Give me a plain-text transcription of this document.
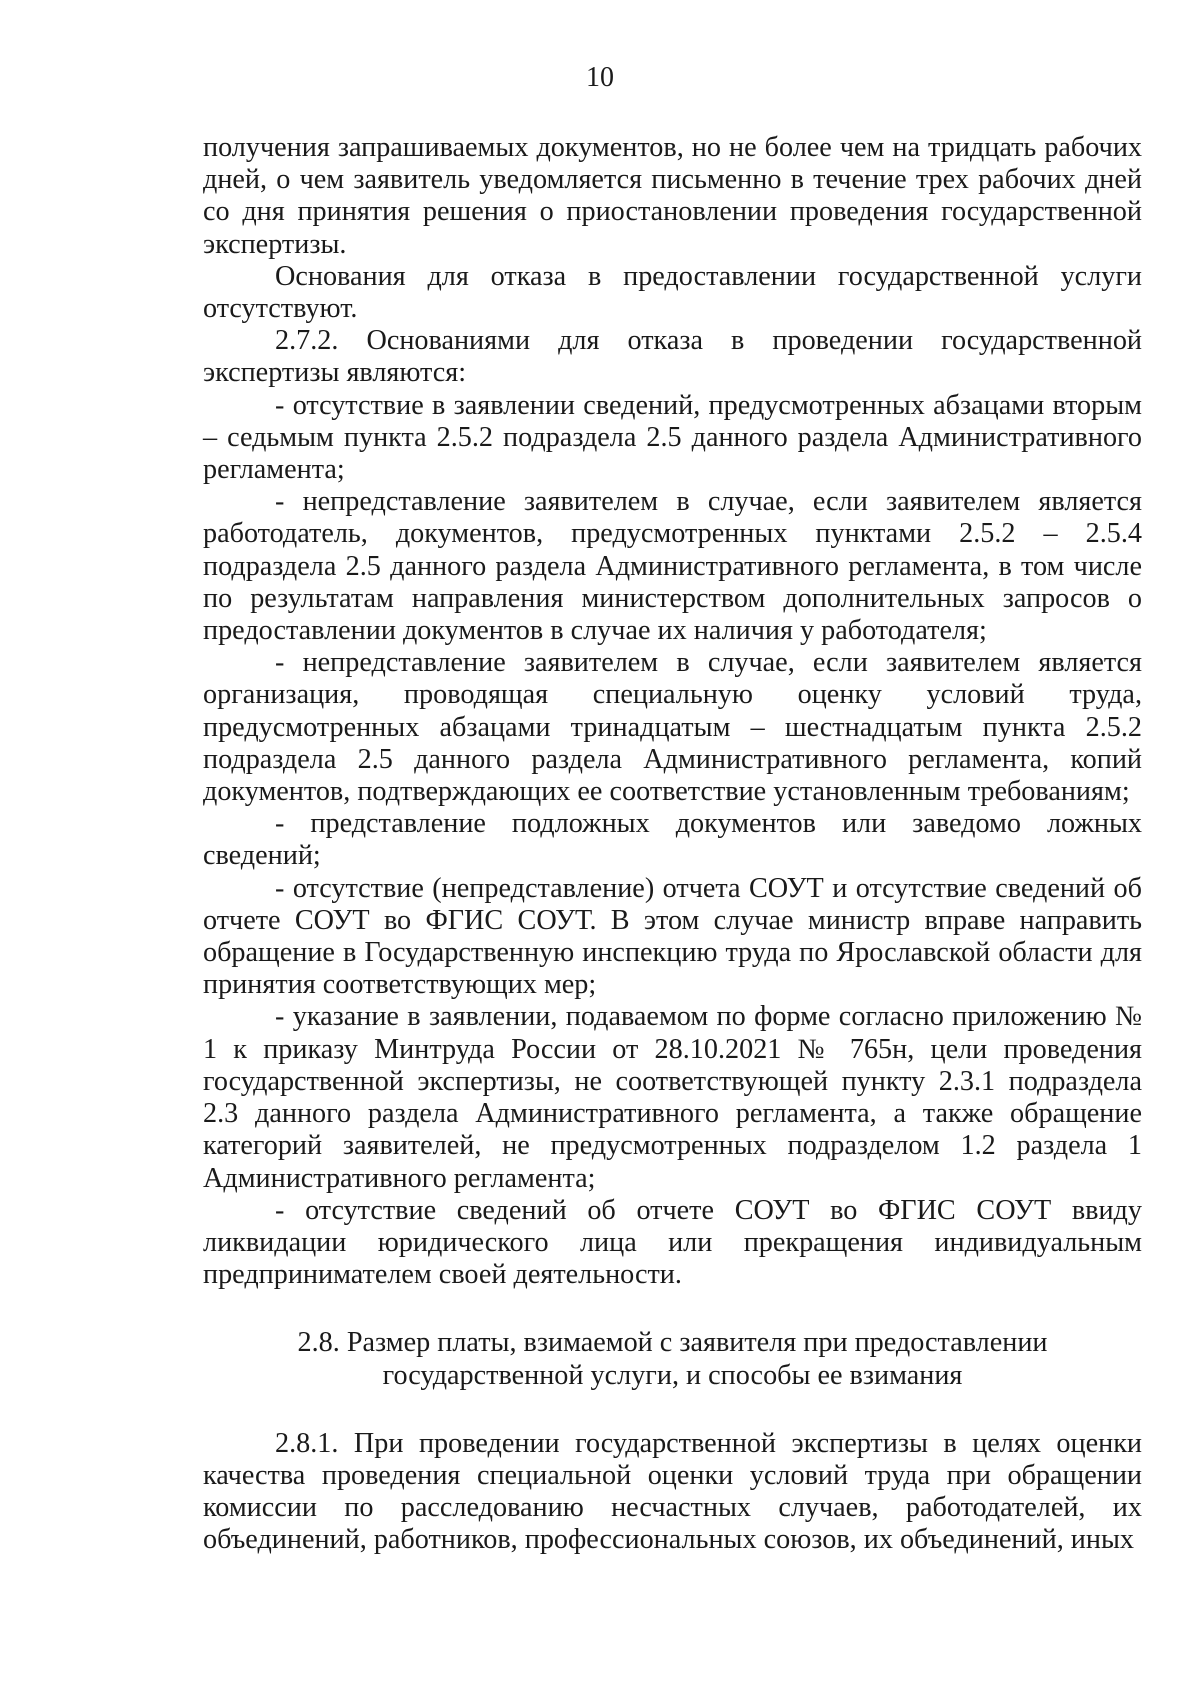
10

получения запрашиваемых документов, но не более чем на тридцать рабочих дней, о чем заявитель уведомляется письменно в течение трех рабочих дней со дня принятия решения о приостановлении проведения государственной экспертизы.

Основания для отказа в предоставлении государственной услуги отсутствуют.

2.7.2. Основаниями для отказа в проведении государственной экспертизы являются:

- отсутствие в заявлении сведений, предусмотренных абзацами вторым – седьмым пункта 2.5.2 подраздела 2.5 данного раздела Административного регламента;

- непредставление заявителем в случае, если заявителем является работодатель, документов, предусмотренных пунктами 2.5.2 – 2.5.4 подраздела 2.5 данного раздела Административного регламента, в том числе по результатам направления министерством дополнительных запросов о предоставлении документов в случае их наличия у работодателя;

- непредставление заявителем в случае, если заявителем является организация, проводящая специальную оценку условий труда, предусмотренных абзацами тринадцатым – шестнадцатым пункта 2.5.2 подраздела 2.5 данного раздела Административного регламента, копий документов, подтверждающих ее соответствие установленным требованиям;

- представление подложных документов или заведомо ложных сведений;

- отсутствие (непредставление) отчета СОУТ и отсутствие сведений об отчете СОУТ во ФГИС СОУТ. В этом случае министр вправе направить обращение в Государственную инспекцию труда по Ярославской области для принятия соответствующих мер;

- указание в заявлении, подаваемом по форме согласно приложению № 1 к приказу Минтруда России от 28.10.2021 № 765н, цели проведения государственной экспертизы, не соответствующей пункту 2.3.1 подраздела 2.3 данного раздела Административного регламента, а также обращение категорий заявителей, не предусмотренных подразделом 1.2 раздела 1 Административного регламента;

- отсутствие сведений об отчете СОУТ во ФГИС СОУТ ввиду ликвидации юридического лица или прекращения индивидуальным предпринимателем своей деятельности.

2.8. Размер платы, взимаемой с заявителя при предоставлении государственной услуги, и способы ее взимания

2.8.1. При проведении государственной экспертизы в целях оценки качества проведения специальной оценки условий труда при обращении комиссии по расследованию несчастных случаев, работодателей, их объединений, работников, профессиональных союзов, их объединений, иных
